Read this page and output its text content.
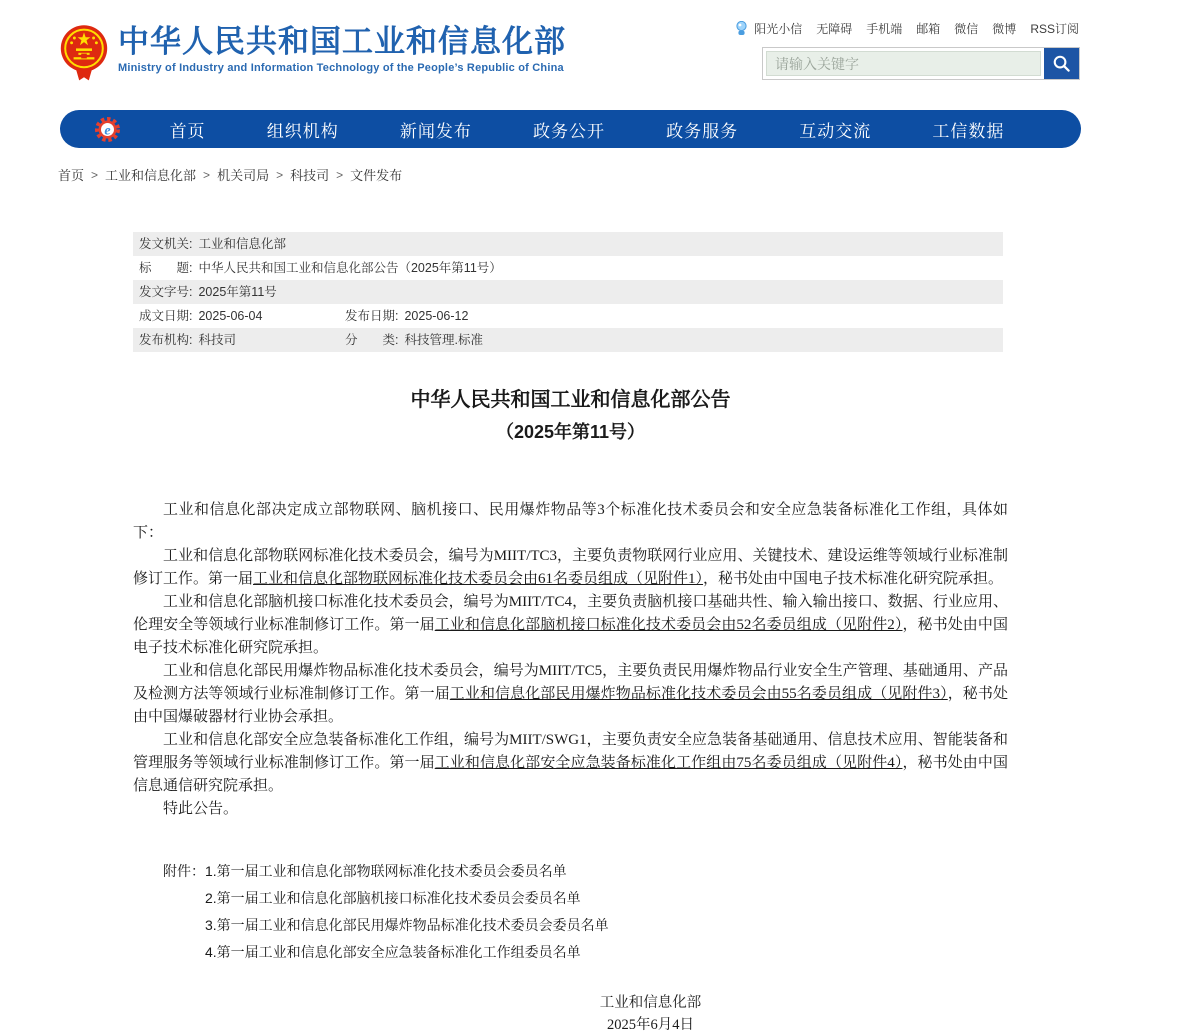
中华人民共和国工业和信息化部
Ministry of Industry and Information Technology of the People’s Republic of China
阳光小信 无障碍 手机端 邮箱 微信 微博 RSS订阅
请输入关键字
e	首页	组织机构	新闻发布	政务公开	政务服务	互动交流	工信数据
首页 > 工业和信息化部 > 机关司局 > 科技司 > 文件发布
发文机关: 工业和信息化部
标　　题: 中华人民共和国工业和信息化部公告（2025年第11号）
发文字号: 2025年第11号
成文日期: 2025-06-04	发布日期: 2025-06-12
发布机构: 科技司	分　　类: 科技管理.标准
中华人民共和国工业和信息化部公告
（2025年第11号）

工业和信息化部决定成立部物联网、脑机接口、民用爆炸物品等3个标准化技术委员会和安全应急装备标准化工作组，具体如下：

工业和信息化部物联网标准化技术委员会，编号为MIIT/TC3，主要负责物联网行业应用、关键技术、建设运维等领域行业标准制修订工作。第一届工业和信息化部物联网标准化技术委员会由61名委员组成（见附件1），秘书处由中国电子技术标准化研究院承担。

工业和信息化部脑机接口标准化技术委员会，编号为MIIT/TC4，主要负责脑机接口基础共性、输入输出接口、数据、行业应用、伦理安全等领域行业标准制修订工作。第一届工业和信息化部脑机接口标准化技术委员会由52名委员组成（见附件2），秘书处由中国电子技术标准化研究院承担。

工业和信息化部民用爆炸物品标准化技术委员会，编号为MIIT/TC5，主要负责民用爆炸物品行业安全生产管理、基础通用、产品及检测方法等领域行业标准制修订工作。第一届工业和信息化部民用爆炸物品标准化技术委员会由55名委员组成（见附件3），秘书处由中国爆破器材行业协会承担。

工业和信息化部安全应急装备标准化工作组，编号为MIIT/SWG1，主要负责安全应急装备基础通用、信息技术应用、智能装备和管理服务等领域行业标准制修订工作。第一届工业和信息化部安全应急装备标准化工作组由75名委员组成（见附件4），秘书处由中国信息通信研究院承担。

特此公告。

附件： 1.第一届工业和信息化部物联网标准化技术委员会委员名单
2.第一届工业和信息化部脑机接口标准化技术委员会委员名单
3.第一届工业和信息化部民用爆炸物品标准化技术委员会委员名单
4.第一届工业和信息化部安全应急装备标准化工作组委员名单
工业和信息化部
2025年6月4日
